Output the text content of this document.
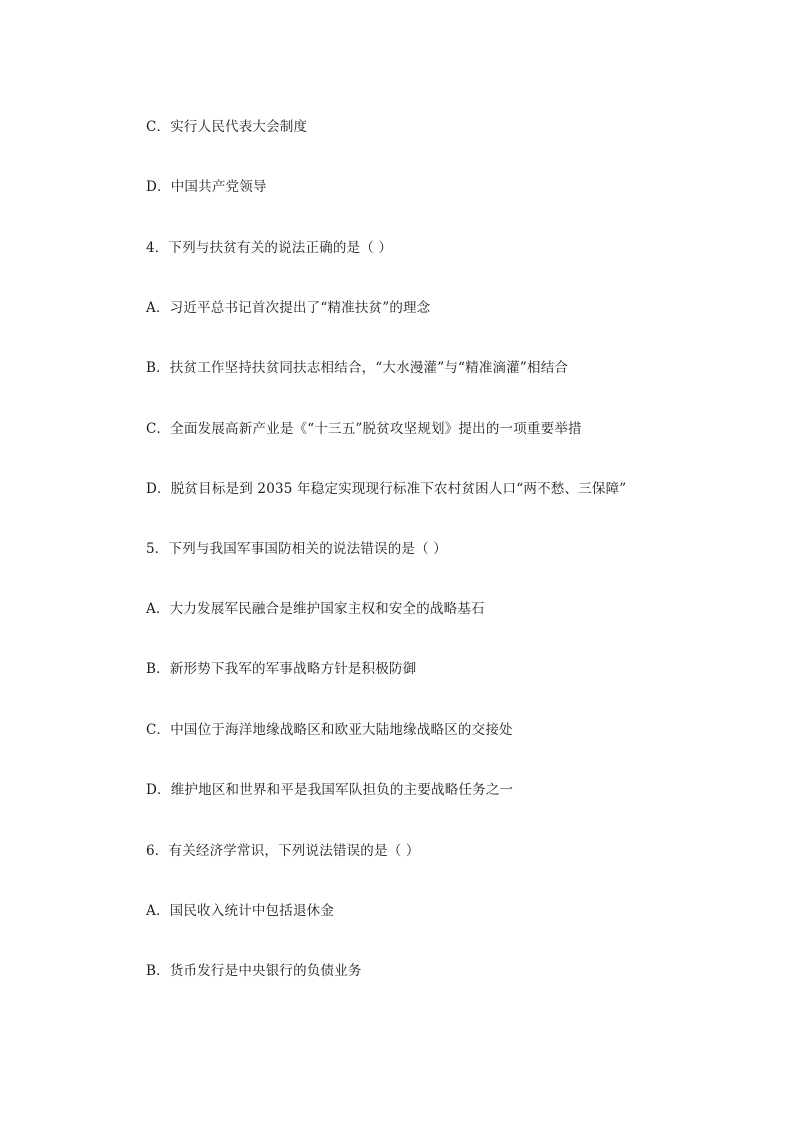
C．实行人民代表大会制度
D．中国共产党领导
4．下列与扶贫有关的说法正确的是（ ）
A．习近平总书记首次提出了“精准扶贫”的理念
B．扶贫工作坚持扶贫同扶志相结合，“大水漫灌”与“精准滴灌”相结合
C．全面发展高新产业是《“十三五”脱贫攻坚规划》提出的一项重要举措
D．脱贫目标是到 2035 年稳定实现现行标准下农村贫困人口“两不愁、三保障”
5．下列与我国军事国防相关的说法错误的是（ ）
A．大力发展军民融合是维护国家主权和安全的战略基石
B．新形势下我军的军事战略方针是积极防御
C．中国位于海洋地缘战略区和欧亚大陆地缘战略区的交接处
D．维护地区和世界和平是我国军队担负的主要战略任务之一
6．有关经济学常识，下列说法错误的是（ ）
A．国民收入统计中包括退休金
B．货币发行是中央银行的负债业务
